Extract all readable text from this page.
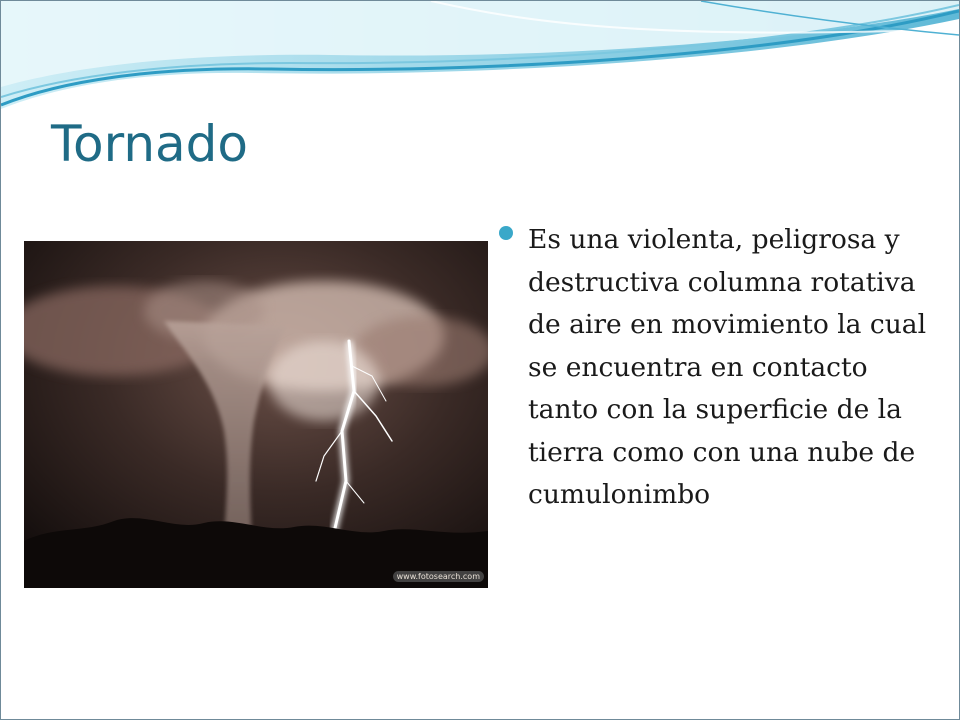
Tornado
www.fotosearch.com
Es una violenta, peligrosa y destructiva columna rotativa de aire en movimiento la cual se encuentra en contacto tanto con la superficie de la tierra como con una nube de cumulonimbo
